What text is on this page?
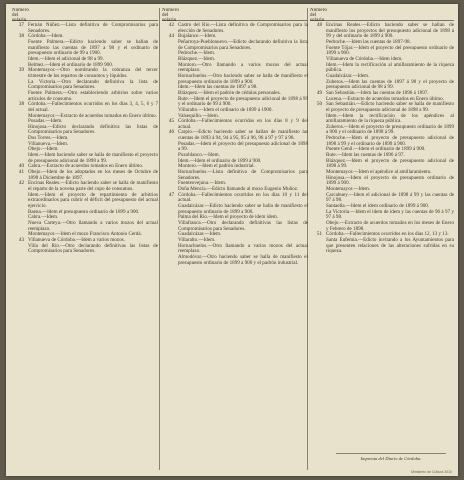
Número
del
solario
37 Fernán Núñez.—Lista definitiva de Compromisarios para Senadores.
38 Córdoba.—Idem.
Fuente Palmera.—Edicto haciendo saber se hallan de manifiesto las cuentas de 1897 a 98 y el ordinario de presupuesto ordinario de 99 a 1900.
Idem.—Idem el adicional de 98 a 99.
Belmez.—Idem el ordinario de 1899 900.
39 Montemayor.—Otro nombrando la cobranza del tercer trimestre de los repartos de consumos y líquidos.
La Victoria.—Otro declarando definitiva la lista de Compromisarios para Senadores.
Fuente Palmera.—Otro estableciendo arbitrios sobre varios artículos de consumo.
38 Córdoba.—Fallecimientos ocurridos en los días 3, 4, 5, 6 y 7 del actual.
Montemayor.—Extracto de acuerdos tomados en Enero último.
Posadas.—Idem.
Hinojosa.—Edicto declarando definitiva las listas de Compromisarios para Senadores.
Dos Torres.—Idem.
Villanueva.—Idem.
Obejo.—Idem.
Idem.—Idem haciendo saber se halla de manifiesto el proyecto de presupuesto adicional de 1898 a 99.
40 Cabra.—Extracto de acuerdos tomados en Enero último.
41 Obejo.—Idem de los adoptados en los meses de Octubre de 1898 á Diciembre de 1897.
42 Encinas Reales.—Edicto haciendo saber se halla de manifiesto el reparto de la novena parte del cupo de consumos.
Idem.—Idem el proyecto de repartimiento de arbitrios extraordinarios para cubrir el déficit del presupuesto del actual ejercicio.
Baena.—Idem el presupuesto ordinario de 1899 a 900.
Cabra.—Idem.
Nueva Carteya.—Otro llamando a varios mozos del actual reemplazo.
Montemayor.—Idem el mozo Francisco Antonio Cerdá.
43 Villanueva de Córdoba.—Idem a varios mozos.
Villa del Río.—Otro declarando definitivas las listas de Compromisarios para Senadores.
Número
del
solario
42 Castro del Río.—Lista definitiva de Compromisarios para la elección de Senadores.
44 Bujalance.—Idem.
Peñarroya-Pueblonuevo.—Edicto declarando definitiva la lista de Compromisarios para Senadores.
Pedroche.—Idem.
Blázquez.—Idem.
Montoro.—Otro llamando a varios mozos del actual reemplazo.
Hornachuelos.—Otro haciendo saber se halla de manifiesto el presupuesto ordinario de 1899 a 900.
Idem.—Idem las cuentas de 1897 a 98.
Blázquez.—Idem el padrón de cédulas personales.
Rute.—Idem el proyecto de presupuesto adicional de 1898 á 99 y el ordinario de 99 á 900.
Villaralto.—Idem el ordinario de 1899 á 1900.
Valsequillo.—Idem.
45 Córdoba.—Fallecimientos ocurridos en los días 8 y 9 del actual.
46 Carpio.—Edicto haciendo saber se hallan de manifiesto las cuentas de 1893 á 94, 94 á 95, 95 á 96, 96 á 97 y 97 á 98.
Posadas.—Idem el proyecto del presupuesto adicional de 1898 a 99.
Pozoblanco.—Idem.
Idem.—Idem el ordinario de 1899 á 900.
Montoro.—Idem el padrón industrial.
Hornachuelos.—Lista definitiva de Compromisarios para Senadores.
Fuenteovejuna.—Idem.
Doña Mencía.—Edicto llamando al mozo Eugenio Muñoz.
47 Córdoba.—Fallecimientos ocurridos en los días 10 y 11 del actual.
Guadalcázar.—Edicto haciendo saber se halla de manifiesto el presupuesto ordinario de 1899 a 900.
Palma del Río.—Idem el proyecto de idem idem.
Villafranca.—Otro declarando definitivas las listas de Compromisarios para Senadores.
Guadalcázar.—Idem.
Villaralto.—Idem.
Hornachuelos.—Otro llamando a varios mozos del actual reemplazo.
Almodóvar.—Otro haciendo saber se halla de manifiesto el presupuesto ordinario de 1899 a 900 y el padrón industrial.
Número
del
solario
48 Encinas Reales.—Edicto haciendo saber se hallan de manifiesto los proyectos del presupuesto adicional de 1898 á 99 y del ordinario de 1899 á 900.
Pedroche.—Idem las cuentas de 1897-98.
Fuente Tójar.—Idem el proyecto del presupuesto ordinario de 1899 a 900.
Villanueva de Córdoba.—Idem idem.
Idem.—Idem la rectificación al amillaramiento de la riqueza pública.
Guadalcázar.—Idem.
Zuheros.—Idem las cuentas de 1897 á 98 y el proyecto de presupuesto adicional de 98 á 99.
49 San Sebastián.—Idem las cuentas de 1896 á 1897.
Lucena.—Extracto de acuerdos tomados en Enero último.
50 San Sebastián.—Edicto haciendo saber se halla de manifiesto el proyecto de presupuesto adicional de 1898 a 99.
Idem.—Idem la rectificación de los apéndices al amillaramiento de la riqueza pública.
Zuheros.—Idem el proyecto de presupuesto ordinario de 1899 a 900 y el ordinario de 1898 á 99.
Pedroche.—Idem el proyecto de presupuesto adicional de 1898 á 99 y el ordinario de 1899 á 900.
Puente Genil.—Idem el ordinario de 1899 á 900.
Rute.—Idem las cuentas de 1896 á 97.
Blázquez.—Idem el proyecto de presupuesto adicional de 1898 á 99.
Montemayor.—Idem el apéndice al amillaramiento.
Hinojosa.—Idem el proyecto de presupuesto ordinario de 1899 á 900.
Montemayor.—Idem.
Carcabuey.—Idem el adicional de 1898 á 99 y las cuentas de 97 á 98.
Santaella.—Idem el idem ordinario de 1899 á 900.
La Victoria.—Idem el idem de idem y las cuentas de 96 á 97 y 97 á 98.
Obejo.—Extracto de acuerdos tomados en los meses de Enero y Febrero de 1898.
51 Córdoba.—Fallecimientos ocurridos en los días 12, 13 y 13.
Santa Eufemia.—Edicto invitando a los Ayuntamientos para que presenten relaciones de las alteraciones sufridas en su riqueza.
Imprenta del Diario de Córdoba.
Ministerio de Cultura 2010
